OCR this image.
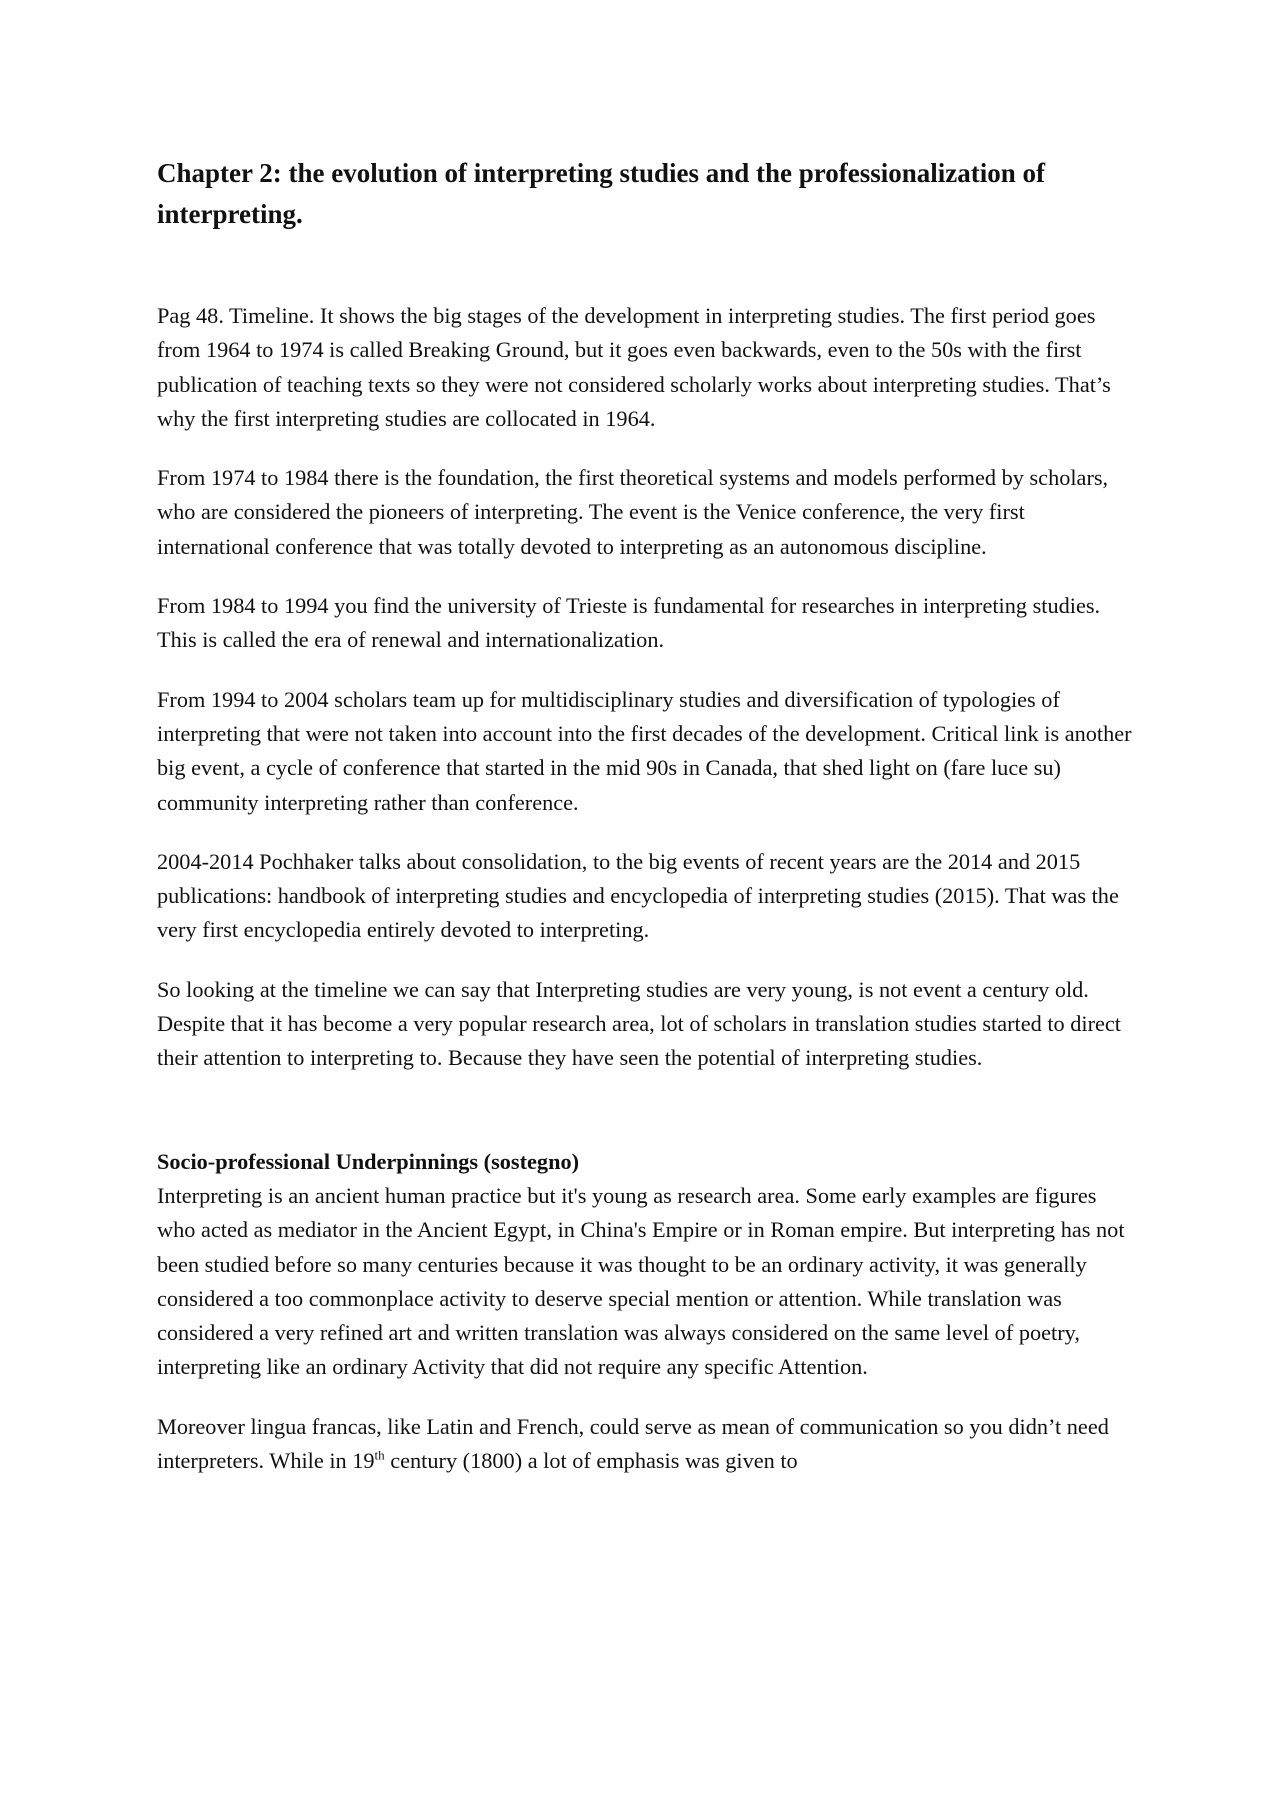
Chapter 2: the evolution of interpreting studies and the professionalization of interpreting.

Pag 48. Timeline. It shows the big stages of the development in interpreting studies. The first period goes from 1964 to 1974 is called Breaking Ground, but it goes even backwards, even to the 50s with the first publication of teaching texts so they were not considered scholarly works about interpreting studies. That’s why the first interpreting studies are collocated in 1964.

From 1974 to 1984 there is the foundation, the first theoretical systems and models performed by scholars, who are considered the pioneers of interpreting. The event is the Venice conference, the very first international conference that was totally devoted to interpreting as an autonomous discipline.

From 1984 to 1994 you find the university of Trieste is fundamental for researches in interpreting studies. This is called the era of renewal and internationalization.

From 1994 to 2004 scholars team up for multidisciplinary studies and diversification of typologies of interpreting that were not taken into account into the first decades of the development. Critical link is another big event, a cycle of conference that started in the mid 90s in Canada, that shed light on (fare luce su) community interpreting rather than conference.

2004-2014 Pochhaker talks about consolidation, to the big events of recent years are the 2014 and 2015 publications: handbook of interpreting studies and encyclopedia of interpreting studies (2015). That was the very first encyclopedia entirely devoted to interpreting.

So looking at the timeline we can say that Interpreting studies are very young, is not event a century old. Despite that it has become a very popular research area, lot of scholars in translation studies started to direct their attention to interpreting to. Because they have seen the potential of interpreting studies.

Socio-professional Underpinnings (sostegno)

Interpreting is an ancient human practice but it's young as research area. Some early examples are figures who acted as mediator in the Ancient Egypt, in China's Empire or in Roman empire. But interpreting has not been studied before so many centuries because it was thought to be an ordinary activity, it was generally considered a too commonplace activity to deserve special mention or attention. While translation was considered a very refined art and written translation was always considered on the same level of poetry, interpreting like an ordinary Activity that did not require any specific Attention.

Moreover lingua francas, like Latin and French, could serve as mean of communication so you didn’t need interpreters. While in 19th century (1800) a lot of emphasis was given to
